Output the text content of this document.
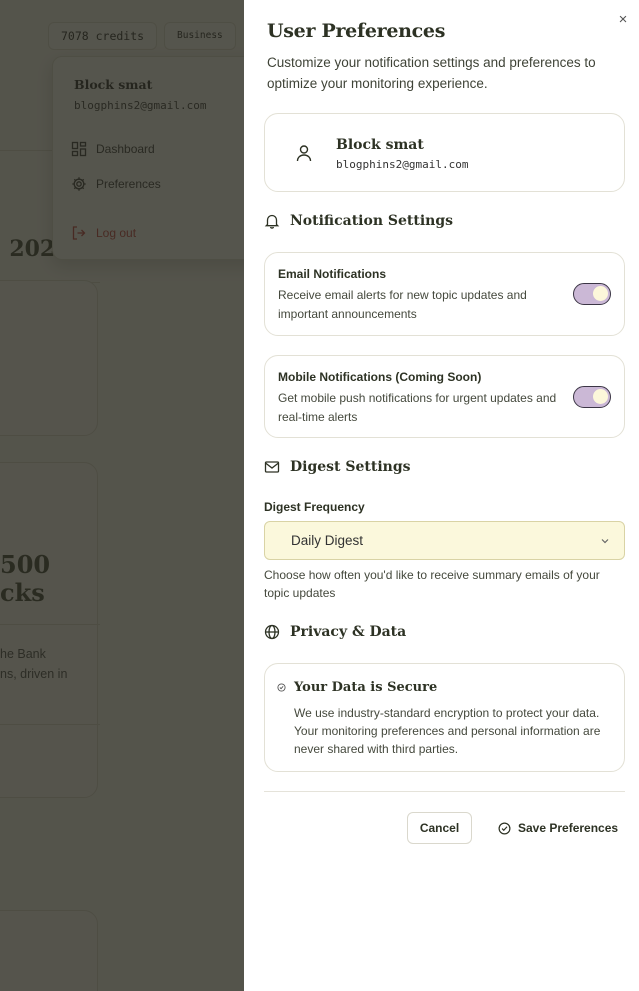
×
User Preferences

Customize your notification settings and preferences to optimize your monitoring experience.

Block smat
blogphins2@gmail.com
Notification Settings
Email Notifications
Receive email alerts for new topic updates and important announcements
Mobile Notifications (Coming Soon)
Get mobile push notifications for urgent updates and real-time alerts
Digest Settings
Digest Frequency
Daily Digest

Choose how often you'd like to receive summary emails of your topic updates

Privacy & Data
Your Data is Secure
We use industry-standard encryption to protect your data. Your monitoring preferences and personal information are never shared with third parties.
Cancel	Save Preferences
